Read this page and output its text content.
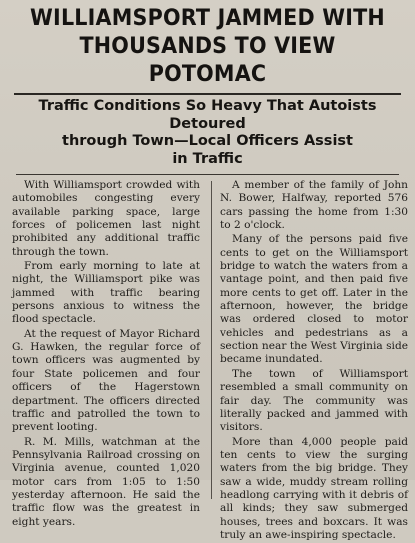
WILLIAMSPORT JAMMED WITH
THOUSANDS TO VIEW POTOMAC
Traffic Conditions So Heavy That Autoists Detoured
through Town—Local Officers Assist
in Traffic

With Williamsport crowded with automobiles congesting every available parking space, large forces of policemen last night prohibited any additional traffic through the town.

From early morning to late at night, the Williamsport pike was jammed with traffic bearing persons anxious to witness the flood spectacle.

At the request of Mayor Richard G. Hawken, the regular force of town officers was augmented by four State policemen and four officers of the Hagerstown department. The officers directed traffic and patrolled the town to prevent looting.

R. M. Mills, watchman at the Pennsylvania Railroad crossing on Virginia avenue, counted 1,020 motor cars from 1:05 to 1:50 yesterday afternoon. He said the traffic flow was the greatest in eight years.

A member of the family of John N. Bower, Halfway, reported 576 cars passing the home from 1:30 to 2 o'clock.

Many of the persons paid five cents to get on the Williamsport bridge to watch the waters from a vantage point, and then paid five more cents to get off. Later in the afternoon, however, the bridge was ordered closed to motor vehicles and pedestrians as a section near the West Virginia side became inundated.

The town of Williamsport resembled a small community on fair day. The community was literally packed and jammed with visitors.

More than 4,000 people paid ten cents to view the surging waters from the big bridge. They saw a wide, muddy stream rolling headlong carrying with it debris of all kinds; they saw submerged houses, trees and boxcars. It was truly an awe-inspiring spectacle.
